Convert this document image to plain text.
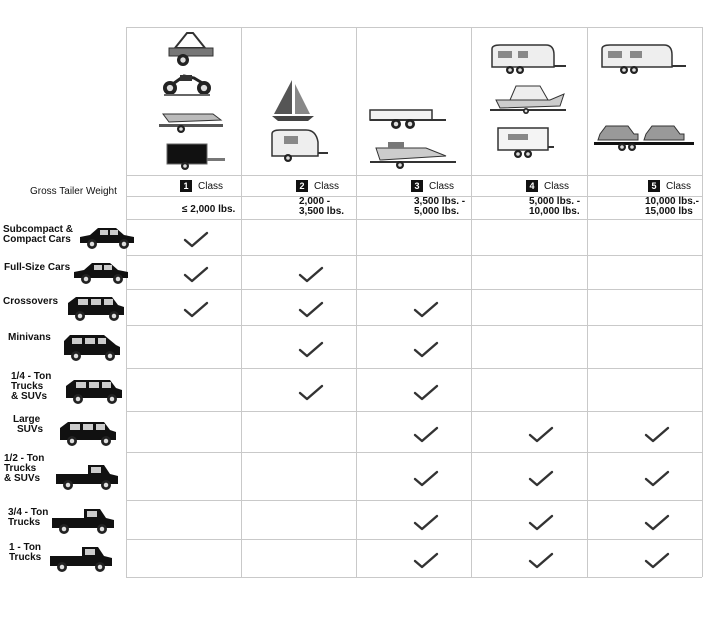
Gross Tailer Weight	1 Class
≤ 2,000 lbs.
2 Class
2,000 -
3,500 lbs.
3 Class
3,500 lbs. -
5,000 lbs.
4 Class
5,000 lbs. -
10,000 lbs.
5 Class
10,000 lbs.-
15,000 lbs
Subcompact &
Compact Cars
Full-Size Cars
Crossovers
Minivans
1/4 - Ton
Trucks
& SUVs
Large
SUVs
1/2 - Ton
Trucks
& SUVs
3/4 - Ton
Trucks
1 - Ton
Trucks
